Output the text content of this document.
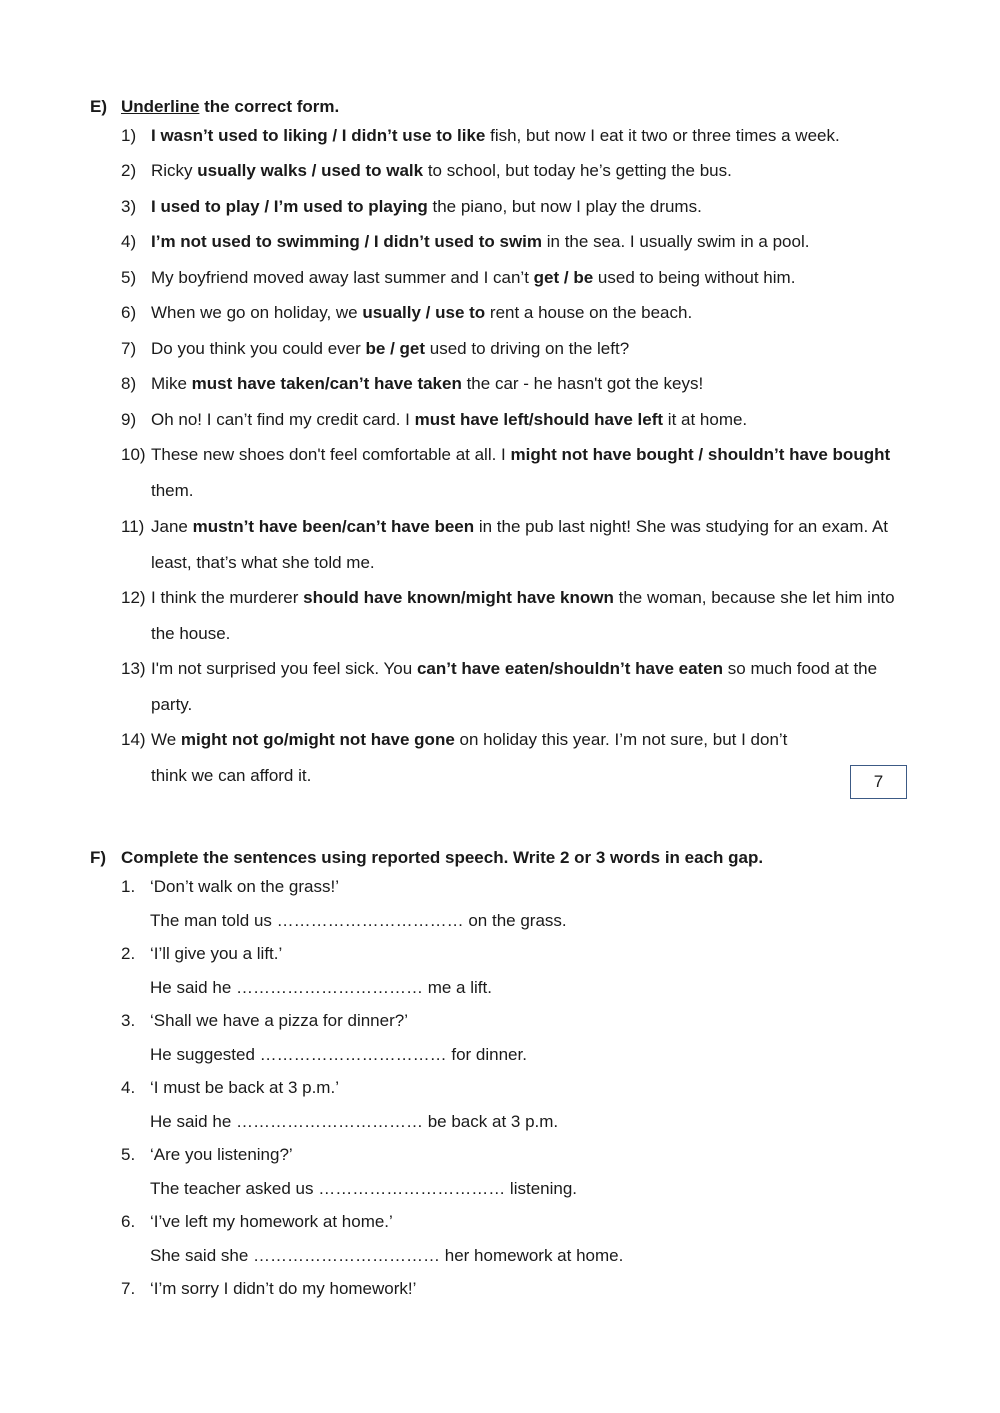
E) Underline the correct form.
1) I wasn’t used to liking / I didn’t use to like fish, but now I eat it two or three times a week.
2) Ricky usually walks / used to walk to school, but today he’s getting the bus.
3) I used to play / I’m used to playing the piano, but now I play the drums.
4) I’m not used to swimming / I didn’t used to swim in the sea. I usually swim in a pool.
5) My boyfriend moved away last summer and I can’t get / be used to being without him.
6) When we go on holiday, we usually / use to rent a house on the beach.
7) Do you think you could ever be / get used to driving on the left?
8) Mike must have taken/can’t have taken the car - he hasn't got the keys!
9) Oh no! I can’t find my credit card. I must have left/should have left it at home.
10) These new shoes don't feel comfortable at all. I might not have bought / shouldn’t have bought them.
11) Jane mustn’t have been/can’t have been in the pub last night! She was studying for an exam. At least, that’s what she told me.
12) I think the murderer should have known/might have known the woman, because she let him into the house.
13) I'm not surprised you feel sick. You can’t have eaten/shouldn’t have eaten so much food at the party.
14) We might not go/might not have gone on holiday this year. I’m not sure, but I don’t think we can afford it.	7
F) Complete the sentences using reported speech. Write 2 or 3 words in each gap.
1. ‘Don’t walk on the grass!’
The man told us …………………………… on the grass.
2. ‘I’ll give you a lift.’
He said he …………………………… me a lift.
3. ‘Shall we have a pizza for dinner?’
He suggested …………………………… for dinner.
4. ‘I must be back at 3 p.m.’
He said he …………………………… be back at 3 p.m.
5. ‘Are you listening?’
The teacher asked us …………………………… listening.
6. ‘I’ve left my homework at home.’
She said she …………………………… her homework at home.
7. ‘I’m sorry I didn’t do my homework!’
